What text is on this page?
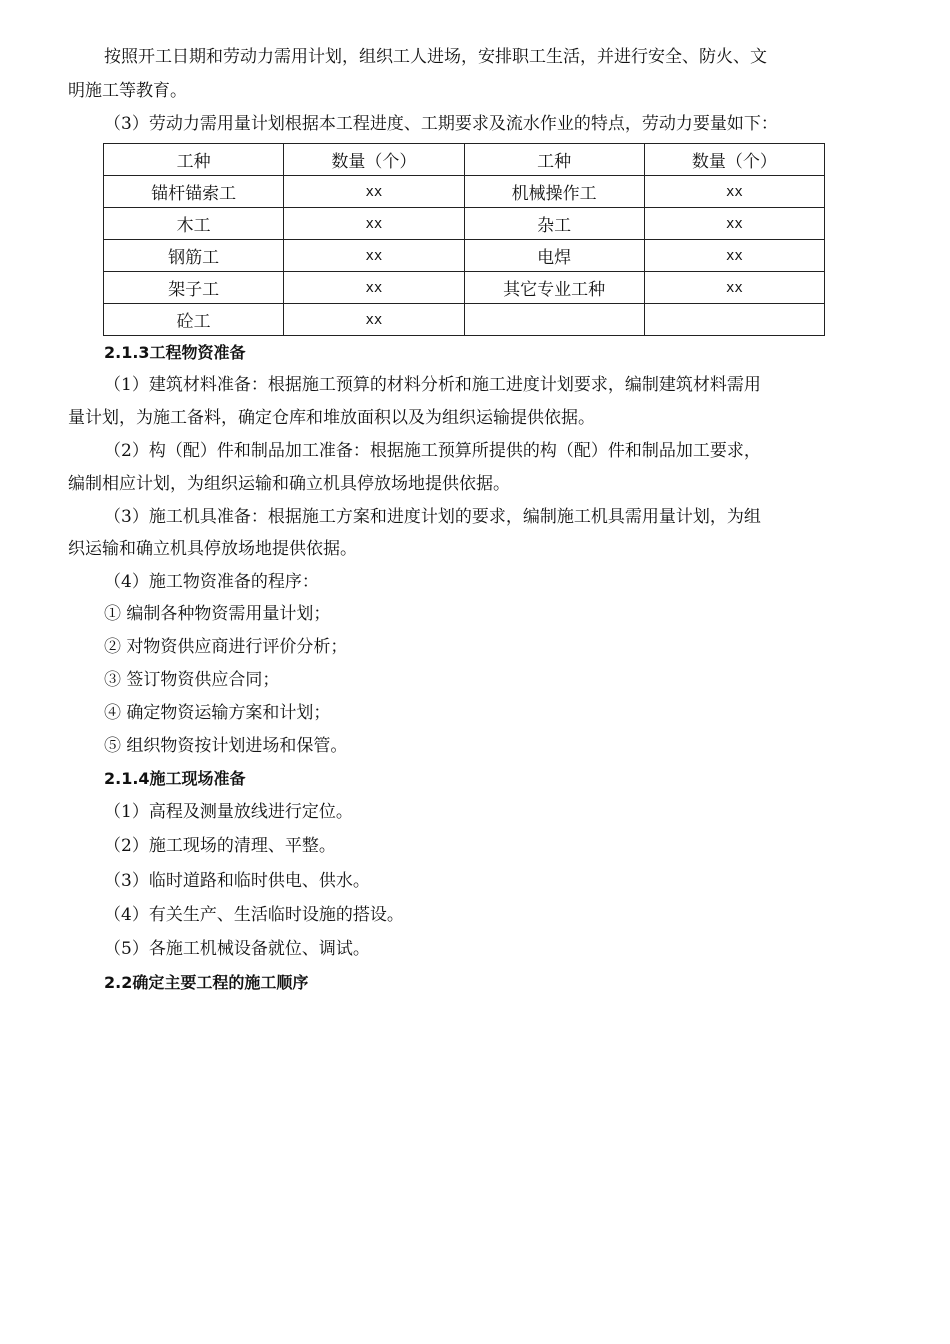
按照开工日期和劳动力需用计划，组织工人进场，安排职工生活，并进行安全、防火、文
明施工等教育。
（3）劳动力需用量计划根据本工程进度、工期要求及流水作业的特点，劳动力要量如下：
工种	数量（个）	工种	数量（个）
锚杆锚索工	xx	机械操作工	xx
木工	xx	杂工	xx
钢筋工	xx	电焊	xx
架子工	xx	其它专业工种	xx
砼工	xx		
2.1.3工程物资准备
（1）建筑材料准备：根据施工预算的材料分析和施工进度计划要求，编制建筑材料需用
量计划，为施工备料，确定仓库和堆放面积以及为组织运输提供依据。
（2）构（配）件和制品加工准备：根据施工预算所提供的构（配）件和制品加工要求，
编制相应计划，为组织运输和确立机具停放场地提供依据。
（3）施工机具准备：根据施工方案和进度计划的要求，编制施工机具需用量计划，为组
织运输和确立机具停放场地提供依据。
（4）施工物资准备的程序：
① 编制各种物资需用量计划；
② 对物资供应商进行评价分析；
③ 签订物资供应合同；
④ 确定物资运输方案和计划；
⑤ 组织物资按计划进场和保管。
2.1.4施工现场准备
（1）高程及测量放线进行定位。
（2）施工现场的清理、平整。
（3）临时道路和临时供电、供水。
（4）有关生产、生活临时设施的搭设。
（5）各施工机械设备就位、调试。
2.2确定主要工程的施工顺序
